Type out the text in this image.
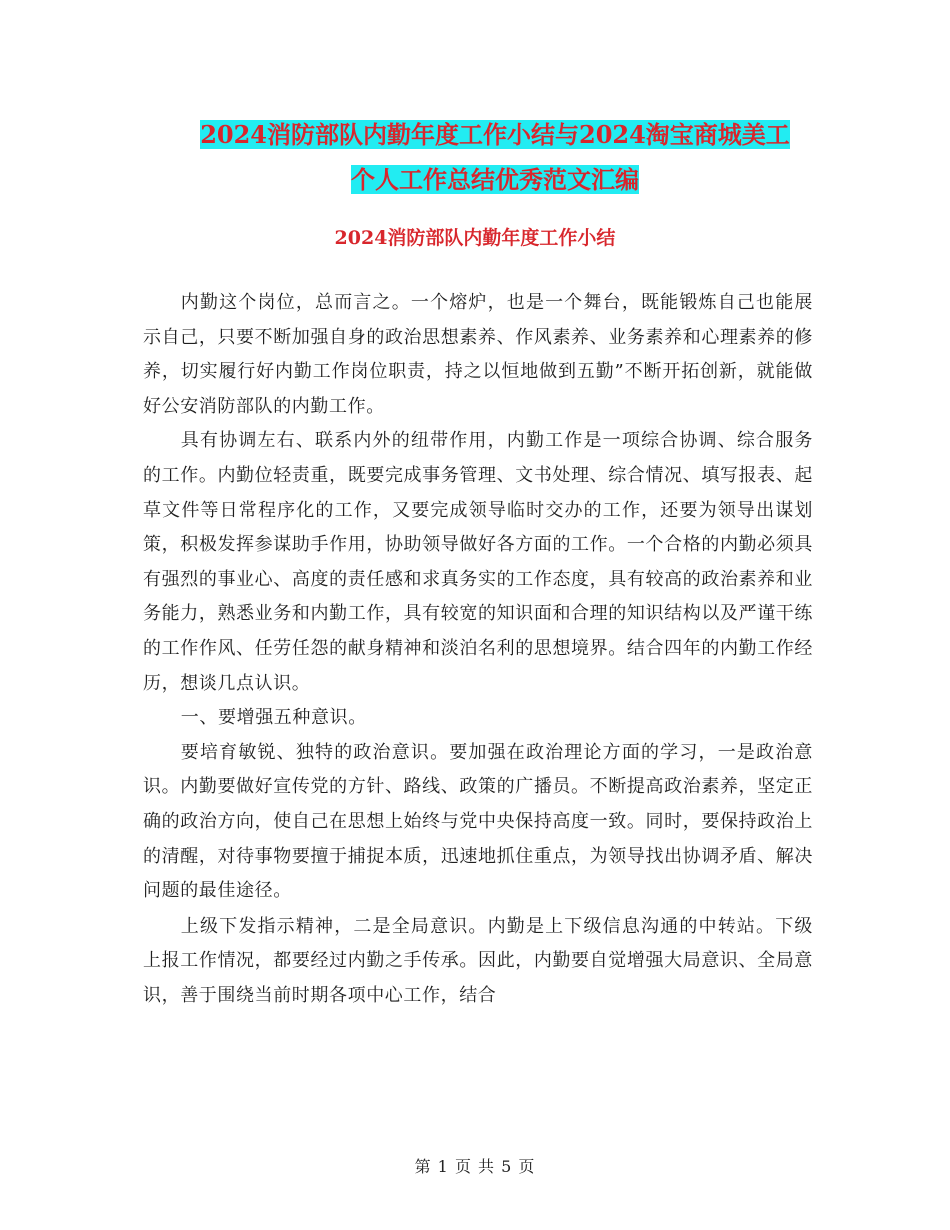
2024消防部队内勤年度工作小结与2024淘宝商城美工
个人工作总结优秀范文汇编
2024消防部队内勤年度工作小结

内勤这个岗位，总而言之。一个熔炉，也是一个舞台，既能锻炼自己也能展示自己，只要不断加强自身的政治思想素养、作风素养、业务素养和心理素养的修养，切实履行好内勤工作岗位职责，持之以恒地做到五勤”不断开拓创新，就能做好公安消防部队的内勤工作。

具有协调左右、联系内外的纽带作用，内勤工作是一项综合协调、综合服务的工作。内勤位轻责重，既要完成事务管理、文书处理、综合情况、填写报表、起草文件等日常程序化的工作，又要完成领导临时交办的工作，还要为领导出谋划策，积极发挥参谋助手作用，协助领导做好各方面的工作。一个合格的内勤必须具有强烈的事业心、高度的责任感和求真务实的工作态度，具有较高的政治素养和业务能力，熟悉业务和内勤工作，具有较宽的知识面和合理的知识结构以及严谨干练的工作作风、任劳任怨的献身精神和淡泊名利的思想境界。结合四年的内勤工作经历，想谈几点认识。

一、要增强五种意识。

要培育敏锐、独特的政治意识。要加强在政治理论方面的学习，一是政治意识。内勤要做好宣传党的方针、路线、政策的广播员。不断提高政治素养，坚定正确的政治方向，使自己在思想上始终与党中央保持高度一致。同时，要保持政治上的清醒，对待事物要擅于捕捉本质，迅速地抓住重点，为领导找出协调矛盾、解决问题的最佳途径。

上级下发指示精神，二是全局意识。内勤是上下级信息沟通的中转站。下级上报工作情况，都要经过内勤之手传承。因此，内勤要自觉增强大局意识、全局意识，善于围绕当前时期各项中心工作，结合

第 1 页 共 5 页
